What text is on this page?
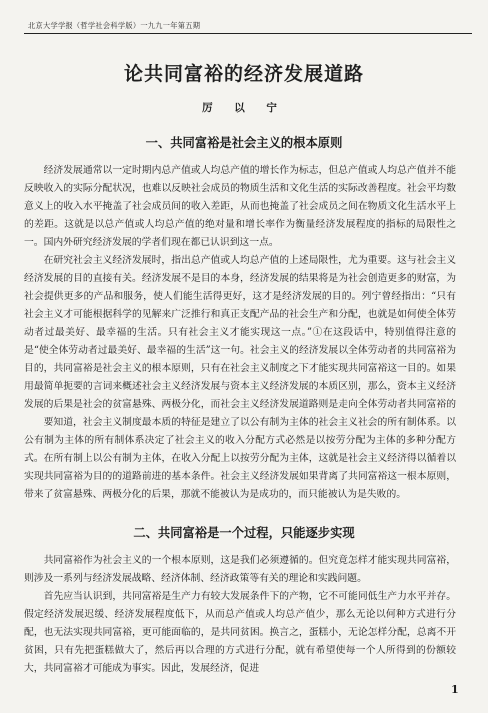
北京大学学报（哲学社会科学版）一九九一年第五期
论共同富裕的经济发展道路
厉 以 宁
一、共同富裕是社会主义的根本原则

经济发展通常以一定时期内总产值或人均总产值的增长作为标志，但总产值或人均总产值并不能反映收入的实际分配状况，也难以反映社会成员的物质生活和文化生活的实际改善程度。社会平均数意义上的收入水平掩盖了社会成员间的收入差距，从而也掩盖了社会成员之间在物质文化生活水平上的差距。这就是以总产值或人均总产值的绝对量和增长率作为衡量经济发展程度的指标的局限性之一。国内外研究经济发展的学者们现在都已认识到这一点。

在研究社会主义经济发展时，指出总产值或人均总产值的上述局限性，尤为重要。这与社会主义经济发展的目的直接有关。经济发展不是目的本身，经济发展的结果将是为社会创造更多的财富，为社会提供更多的产品和服务，使人们能生活得更好，这才是经济发展的目的。列宁曾经指出：“只有社会主义才可能根据科学的见解来广泛推行和真正支配产品的社会生产和分配，也就是如何使全体劳动者过最美好、最幸福的生活。只有社会主义才能实现这一点。”①在这段话中，特别值得注意的是“使全体劳动者过最美好、最幸福的生活”这一句。社会主义的经济发展以全体劳动者的共同富裕为目的，共同富裕是社会主义的根本原则，只有在社会主义制度之下才能实现共同富裕这一目的。如果用最简单扼要的言词来概述社会主义经济发展与资本主义经济发展的本质区别，那么，资本主义经济发展的后果是社会的贫富悬殊、两极分化，而社会主义经济发展道路则是走向全体劳动者共同富裕的

要知道，社会主义制度最本质的特征是建立了以公有制为主体的社会主义社会的所有制体系。以公有制为主体的所有制体系决定了社会主义的收入分配方式必然是以按劳分配为主体的多种分配方式。在所有制上以公有制为主体，在收入分配上以按劳分配为主体，这就是社会主义经济得以循着以实现共同富裕为目的的道路前进的基本条件。社会主义经济发展如果背离了共同富裕这一根本原则，带来了贫富悬殊、两极分化的后果，那就不能被认为是成功的，而只能被认为是失败的。

二、共同富裕是一个过程，只能逐步实现

共同富裕作为社会主义的一个根本原则，这是我们必须遵循的。但究竟怎样才能实现共同富裕，则涉及一系列与经济发展战略、经济体制、经济政策等有关的理论和实践问题。

首先应当认识到，共同富裕是生产力有较大发展条件下的产物，它不可能同低生产力水平并存。假定经济发展迟缓、经济发展程度低下，从而总产值或人均总产值少，那么无论以何种方式进行分配，也无法实现共同富裕，更可能面临的，是共同贫困。换言之，蛋糕小，无论怎样分配，总离不开贫困，只有先把蛋糕做大了，然后再以合理的方式进行分配，就有希望使每一个人所得到的份额较大，共同富裕才可能成为事实。因此，发展经济，促进

1
